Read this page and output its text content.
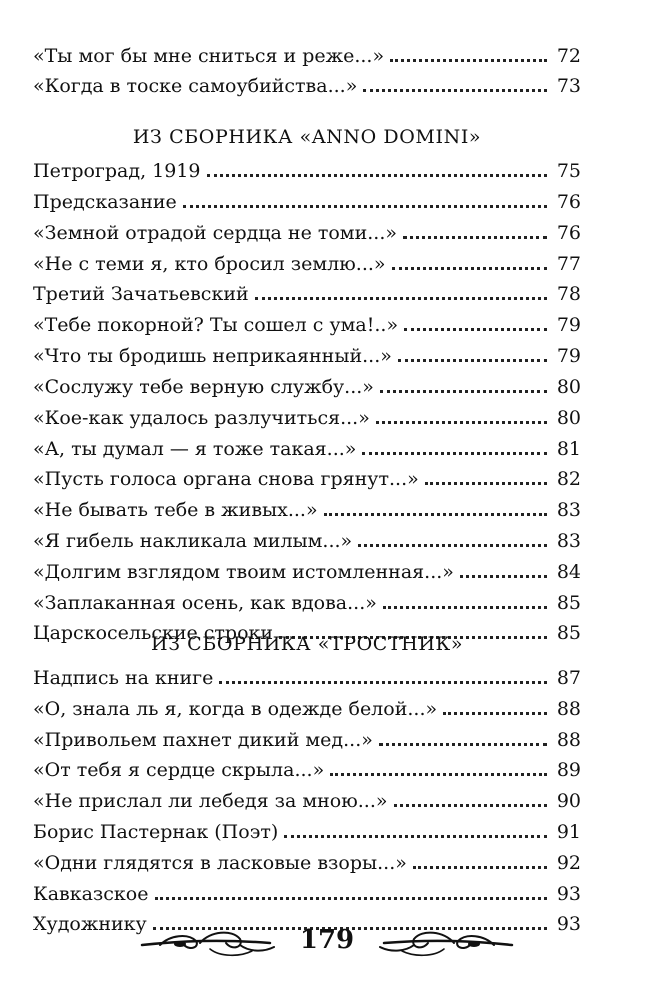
«Ты мог бы мне сниться и реже...»	72
«Когда в тоске самоубийства...»	73
ИЗ СБОРНИКА «ANNO DOMINI»
Петроград, 1919	75
Предсказание	76
«Земной отрадой сердца не томи...»	76
«Не с теми я, кто бросил землю...»	77
Третий Зачатьевский	78
«Тебе покорной? Ты сошел с ума!..»	79
«Что ты бродишь неприкаянный...»	79
«Сослужу тебе верную службу...»	80
«Кое-как удалось разлучиться...»	80
«А, ты думал — я тоже такая...»	81
«Пусть голоса органа снова грянут...»	82
«Не бывать тебе в живых...»	83
«Я гибель накликала милым...»	83
«Долгим взглядом твоим истомленная...»	84
«Заплаканная осень, как вдова...»	85
Царскосельские строки	85
ИЗ СБОРНИКА «ТРОСТНИК»
Надпись на книге	87
«О, знала ль я, когда в одежде белой...»	88
«Привольем пахнет дикий мед...»	88
«От тебя я сердце скрыла...»	89
«Не прислал ли лебедя за мною...»	90
Борис Пастернак (Поэт)	91
«Одни глядятся в ласковые взоры...»	92
Кавказское	93
Художнику	93
179
